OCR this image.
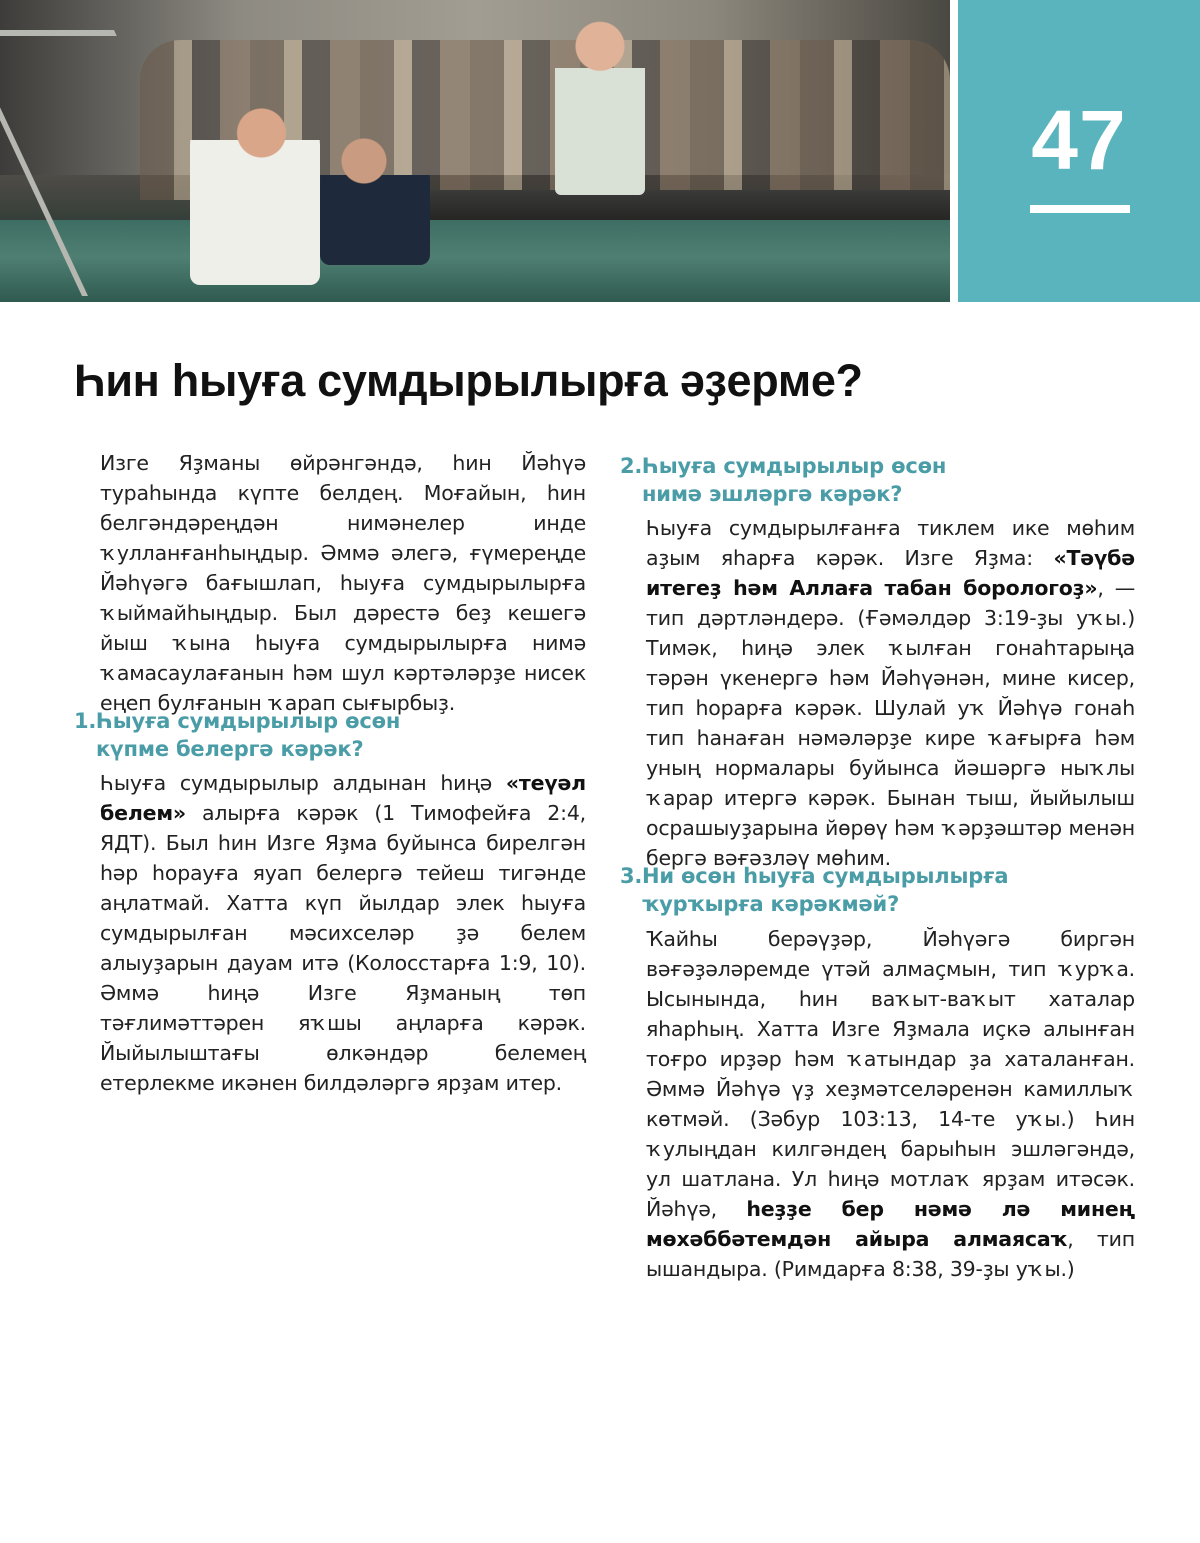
47
Һин һыуға сумдырылырға әҙерме?

Изге Яҙманы өйрәнгәндә, һин Йәһүә тураһында күпте белдең. Моғайын, һин белгәндәреңдән нимәнелер инде ҡулланғанһыңдыр. Әммә әлегә, ғүмереңде Йәһүәгә бағышлап, һыуға сумдырылырға ҡыймайһыңдыр. Был дәрестә беҙ кешегә йыш ҡына һыуға сумдырылырға нимә ҡамасаулағанын һәм шул кәртәләрҙе нисек еңеп булғанын ҡарап сығырбыҙ.

1.Һыуға сумдырылыр өсөн
күпме белергә кәрәк?

Һыуға сумдырылыр алдынан һиңә «теүәл белем» алырға кәрәк (1 Тимофейға 2:4, ЯДТ). Был һин Изге Яҙма буйынса бирелгән һәр һорауға яуап белергә тейеш тигәнде аңлатмай. Хатта күп йылдар элек һыуға сумдырылған мәсихселәр ҙә белем алыуҙарын дауам итә (Колосстарға 1:9, 10). Әммә һиңә Изге Яҙманың төп тәғлимәттәрен яҡшы аңларға кәрәк. Йыйылыштағы өлкәндәр белемең етерлекме икәнен билдәләргә ярҙам итер.

2.Һыуға сумдырылыр өсөн
нимә эшләргә кәрәк?

Һыуға сумдырылғанға тиклем ике мөһим аҙым яһарға кәрәк. Изге Яҙма: «Тәүбә итегеҙ һәм Аллаға табан борологоҙ», — тип дәртләндерә. (Ғәмәлдәр 3:19-ҙы уҡы.) Тимәк, һиңә элек ҡылған гонаһтарыңа тәрән үкенергә һәм Йәһүәнән, мине кисер, тип һорарға кәрәк. Шулай уҡ Йәһүә гонаһ тип һанаған нәмәләрҙе кире ҡағырға һәм уның нормалары буйынса йәшәргә ныҡлы ҡарар итергә кәрәк. Бынан тыш, йыйылыш осрашыуҙарына йөрөү һәм ҡәрҙәштәр менән бергә вәғәзләү мөһим.

3.Ни өсөн һыуға сумдырылырға
ҡурҡырға кәрәкмәй?

Ҡайһы берәүҙәр, Йәһүәгә биргән вәғәҙәләремде үтәй алмаçмын, тип ҡурҡа. Ысынында, һин ваҡыт-ваҡыт хаталар яһарһың. Хатта Изге Яҙмала иçкә алынған тоғро ирҙәр һәм ҡатындар ҙа хаталанған. Әммә Йәһүә үҙ хеҙмәтселәренән камиллыҡ көтмәй. (Зәбур 103:13, 14-те уҡы.) Һин ҡулыңдан килгәндең барыһын эшләгәндә, ул шатлана. Ул һиңә мотлаҡ ярҙам итәсәк. Йәһүә, һеҙҙе бер нәмә лә минең мөхәббәтемдән айыра алмаясаҡ, тип ышандыра. (Римдарға 8:38, 39-ҙы уҡы.)
